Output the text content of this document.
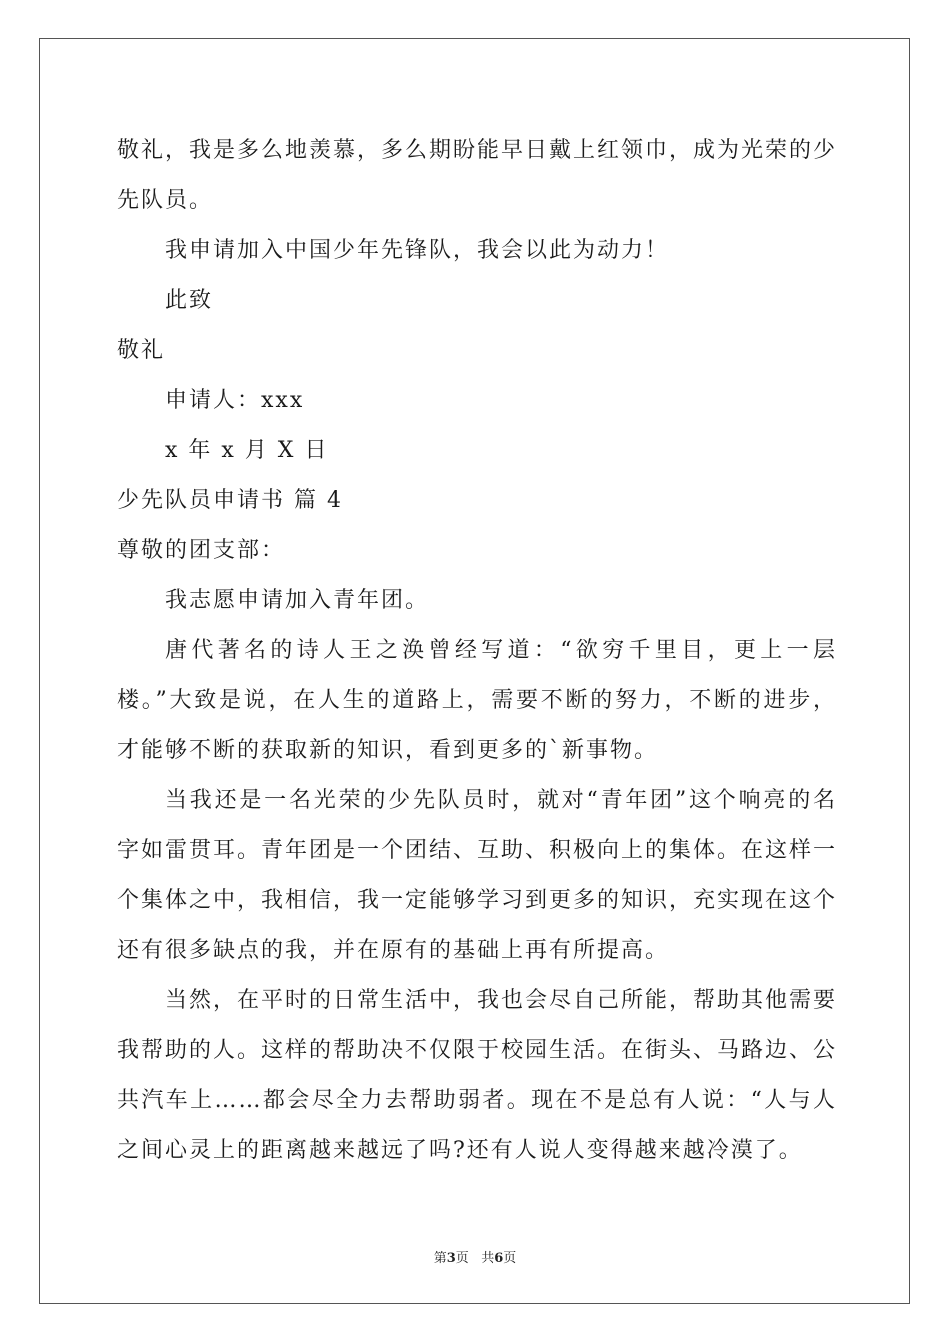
敬礼，我是多么地羡慕，多么期盼能早日戴上红领巾，成为光荣的少
先队员。
我申请加入中国少年先锋队，我会以此为动力！
此致
敬礼
申请人：xxx
x 年 x 月 X 日
少先队员申请书 篇 4
尊敬的团支部：
我志愿申请加入青年团。
唐代著名的诗人王之涣曾经写道：“欲穷千里目，更上一层
楼。”大致是说，在人生的道路上，需要不断的努力，不断的进步，
才能够不断的获取新的知识，看到更多的`新事物。
当我还是一名光荣的少先队员时，就对“青年团”这个响亮的名
字如雷贯耳。青年团是一个团结、互助、积极向上的集体。在这样一
个集体之中，我相信，我一定能够学习到更多的知识，充实现在这个
还有很多缺点的我，并在原有的基础上再有所提高。
当然，在平时的日常生活中，我也会尽自己所能，帮助其他需要
我帮助的人。这样的帮助决不仅限于校园生活。在街头、马路边、公
共汽车上……都会尽全力去帮助弱者。现在不是总有人说：“人与人
之间心灵上的距离越来越远了吗?还有人说人变得越来越冷漠了。
第3页 共6页
